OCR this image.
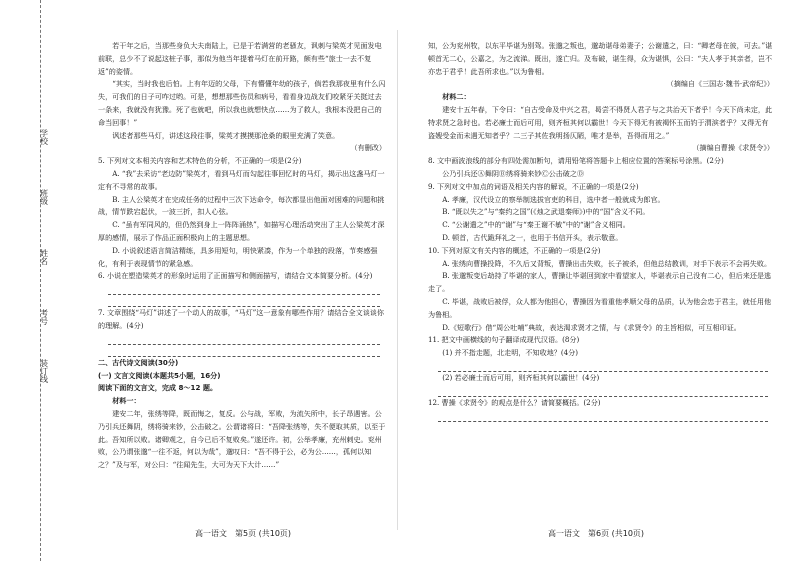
学校
班级
姓名
考号
装订线

若干年之后，当那些身负大夫南陆上，已是于若满营的老骚友，讽刺与梁英才见面发电前联，总少不了说起这桩子事，那似为他当年提着马灯在前开路，颇有些“旅士一去不复返”的姿情。

“其实，当时我也后怕。上有年迈的父母，下有懵懂年幼的孩子，倘若我那夜里有什么闪失，可我们的日子可咋过哟。可是，想想那些伤员和病号，看看身边战友们咬紧牙关挺过去一条来，我就没有犹豫。死了也就吧，所以我也就想快点……为了救人，我根本没把自己的命当回事！”

讽述者那些马灯，讲述这段往事，梁英才摸摸那沧桑的眼里充满了笑意。

（有删改）

5. 下列对文本相关内容和艺术特色的分析，不正确的一项是(2分)

A. “我”去采访“老边防”梁英才，看到马灯而勾起往事回忆时的马灯，揭示出这盏马灯一定有不寻常的故事。

B. 主人公梁英才在完成任务的过程中三次下达命令，每次都显出他面对困难的问题和挑战，情节跌宕起伏，一波三折，扣人心弦。

C. “虽有军同风的，但仍然到身上一阵阵涌热”，如描写心理活动突出了主人公梁英才深厚的感情，展示了作品正面积极向上的主题思想。

D. 小说叙述语言简洁精练，具多用短句，明快紧凑，作为一个单独的段落，节奏感强化，有利于表现情节的紧急感。

6. 小说在塑造梁英才的形象时运用了正面描写和侧面描写，请结合文本简要分析。(4分)

7. 文章围绕“马灯”讲述了一个动人的故事，“马灯”这一意象有哪些作用？请结合全文谈谈你的理解。(4分)

二、古代诗文阅读(30分)

(一) 文言文阅读(本题共5小题，16分)

阅读下面的文言文，完成 8～12 题。

材料一：

建安二年，张绣等降，既而悔之，复反。公与战，军败，为流矢所中，长子昂遇害。公乃引兵还舞阴，绣将骑来钞，公击破之。公谓诸将曰：“吾降张绣等，失不便取其质，以至于此。吾知所以败。诸卿观之，自今已后不复败矣。”遂还许。初，公举孝廉，充州刺史。兖州败，公乃谓张邈“一往不返，何以为哉”，邈叹曰：“吾不得于公，必为公……，孤何以知之？”及与军，对公曰：“往闻先生，大可为天下大计……”

高一语文　第5页 (共10页)

知，公为兖州牧，以东平毕谌为别驾。张邈之叛也，邈劫谌母弟妻子；公谢遣之，曰：“卿老母在彼，可去。”谌顿首无二心，公嘉之，为之流涕。既出，遂亡归。及布破，谌生得，众为谌惧，公曰：“夫人孝于其亲者，岂不亦忠于君乎！此吾所求也。”以为鲁相。

（摘编自《三国志·魏书·武帝纪》）

材料二：

建安十五年春，下令曰：“自古受命及中兴之君，曷尝不得贤人君子与之共治天下者乎！今天下尚未定，此特求贤之急时也。若必廉士而后可用，则齐桓其何以霸世！今天下得无有被褐怀玉而钓于渭滨者乎？又得无有盗嫂受金而未遇无知者乎？二三子其佐我明扬仄陋，唯才是举，吾得而用之。”

（摘编自曹操《求贤令》）

8. 文中画波浪线的部分有四处需加断句，请用铅笔将答题卡上相应位置的答案标号涂黑。(2分)

公乃引兵还Ⓐ舞阴Ⓑ绣将骑来钞Ⓒ公击破之Ⓓ

9. 下列对文中加点的词语及相关内容的解说，不正确的一项是(2分)

A. 孝廉，汉代设立的察举制选拔官吏的科目，选中者一般就成为郎官。

B. “既以失之”与“秦约之国”(《烛之武退秦师》)中的“国”含义不同。

C. “公谢遣之”中的“谢”与“秦王谢不敏”中的“谢”含义相同。

D. 顿首，古代跪拜礼之一，也用于书信开头，表示敬意。

10. 下列对原文有关内容的概述，不正确的一项是(2分)

A. 张绣向曹操投降，不久后又背叛，曹操出击失败，长子被杀，但他总结教训，对手下表示不会再失败。

B. 张邈叛变后劫持了毕谌的家人，曹操让毕谌回到家中看望家人，毕谌表示自己没有二心，但后来还是逃走了。

C. 毕谌，战败后被俘，众人都为他担心，曹操因为看重他孝顺父母的品质，认为他会忠于君主，就任用他为鲁相。

D.《短歌行》借“周公吐哺”典故，表达渴求贤才之情，与《求贤令》的主旨相似，可互相印证。

11. 把文中画横线的句子翻译成现代汉语。(8分)

(1) 并不指走题，北走明，不知收地？(4分)

(2) 若必廉士而后可用，则齐桓其何以霸世！(4分)

12. 曹操《求贤令》的观点是什么？请简要概括。(2分)

高一语文　第6页 (共10页)
